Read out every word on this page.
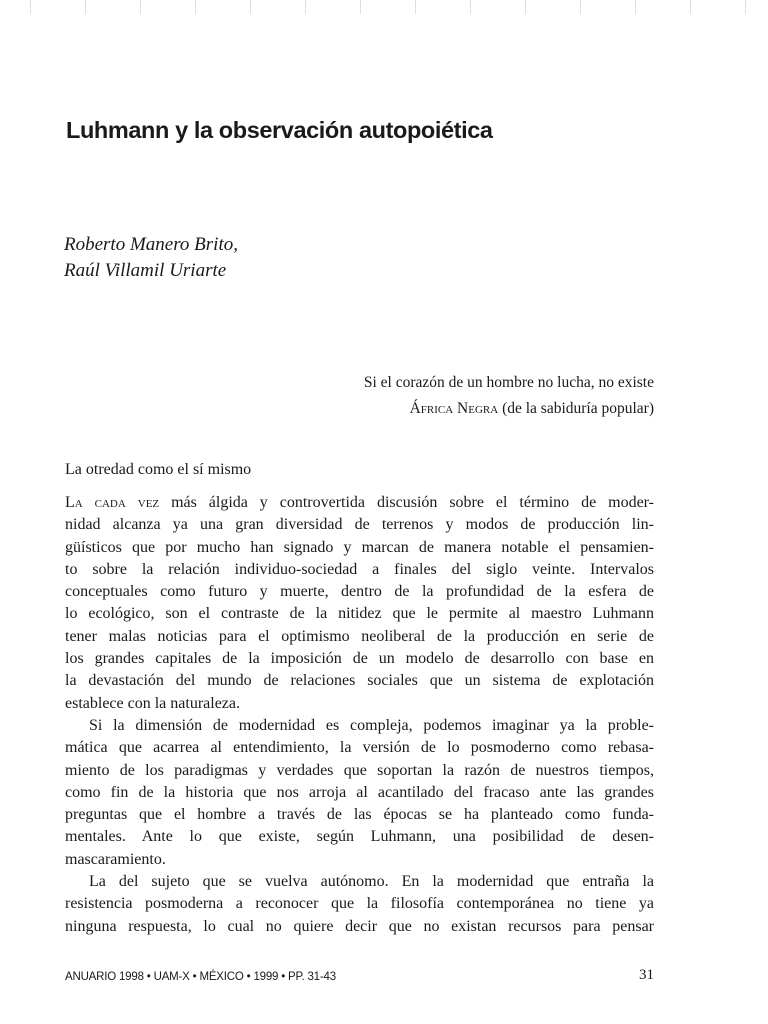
Luhmann y la observación autopoiética
Roberto Manero Brito,
Raúl Villamil Uriarte
Si el corazón de un hombre no lucha, no existe
África Negra (de la sabiduría popular)
La otredad como el sí mismo
La cada vez más álgida y controvertida discusión sobre el término de moder-
nidad alcanza ya una gran diversidad de terrenos y modos de producción lin-
güísticos que por mucho han signado y marcan de manera notable el pensamien-
to sobre la relación individuo-sociedad a finales del siglo veinte. Intervalos
conceptuales como futuro y muerte, dentro de la profundidad de la esfera de
lo ecológico, son el contraste de la nitidez que le permite al maestro Luhmann
tener malas noticias para el optimismo neoliberal de la producción en serie de
los grandes capitales de la imposición de un modelo de desarrollo con base en
la devastación del mundo de relaciones sociales que un sistema de explotación
establece con la naturaleza.
Si la dimensión de modernidad es compleja, podemos imaginar ya la proble-
mática que acarrea al entendimiento, la versión de lo posmoderno como rebasa-
miento de los paradigmas y verdades que soportan la razón de nuestros tiempos,
como fin de la historia que nos arroja al acantilado del fracaso ante las grandes
preguntas que el hombre a través de las épocas se ha planteado como funda-
mentales. Ante lo que existe, según Luhmann, una posibilidad de desen-
mascaramiento.
La del sujeto que se vuelva autónomo. En la modernidad que entraña la
resistencia posmoderna a reconocer que la filosofía contemporánea no tiene ya
ninguna respuesta, lo cual no quiere decir que no existan recursos para pensar
ANUARIO 1998 • UAM-X • MÉXICO • 1999 • PP. 31-43	31
